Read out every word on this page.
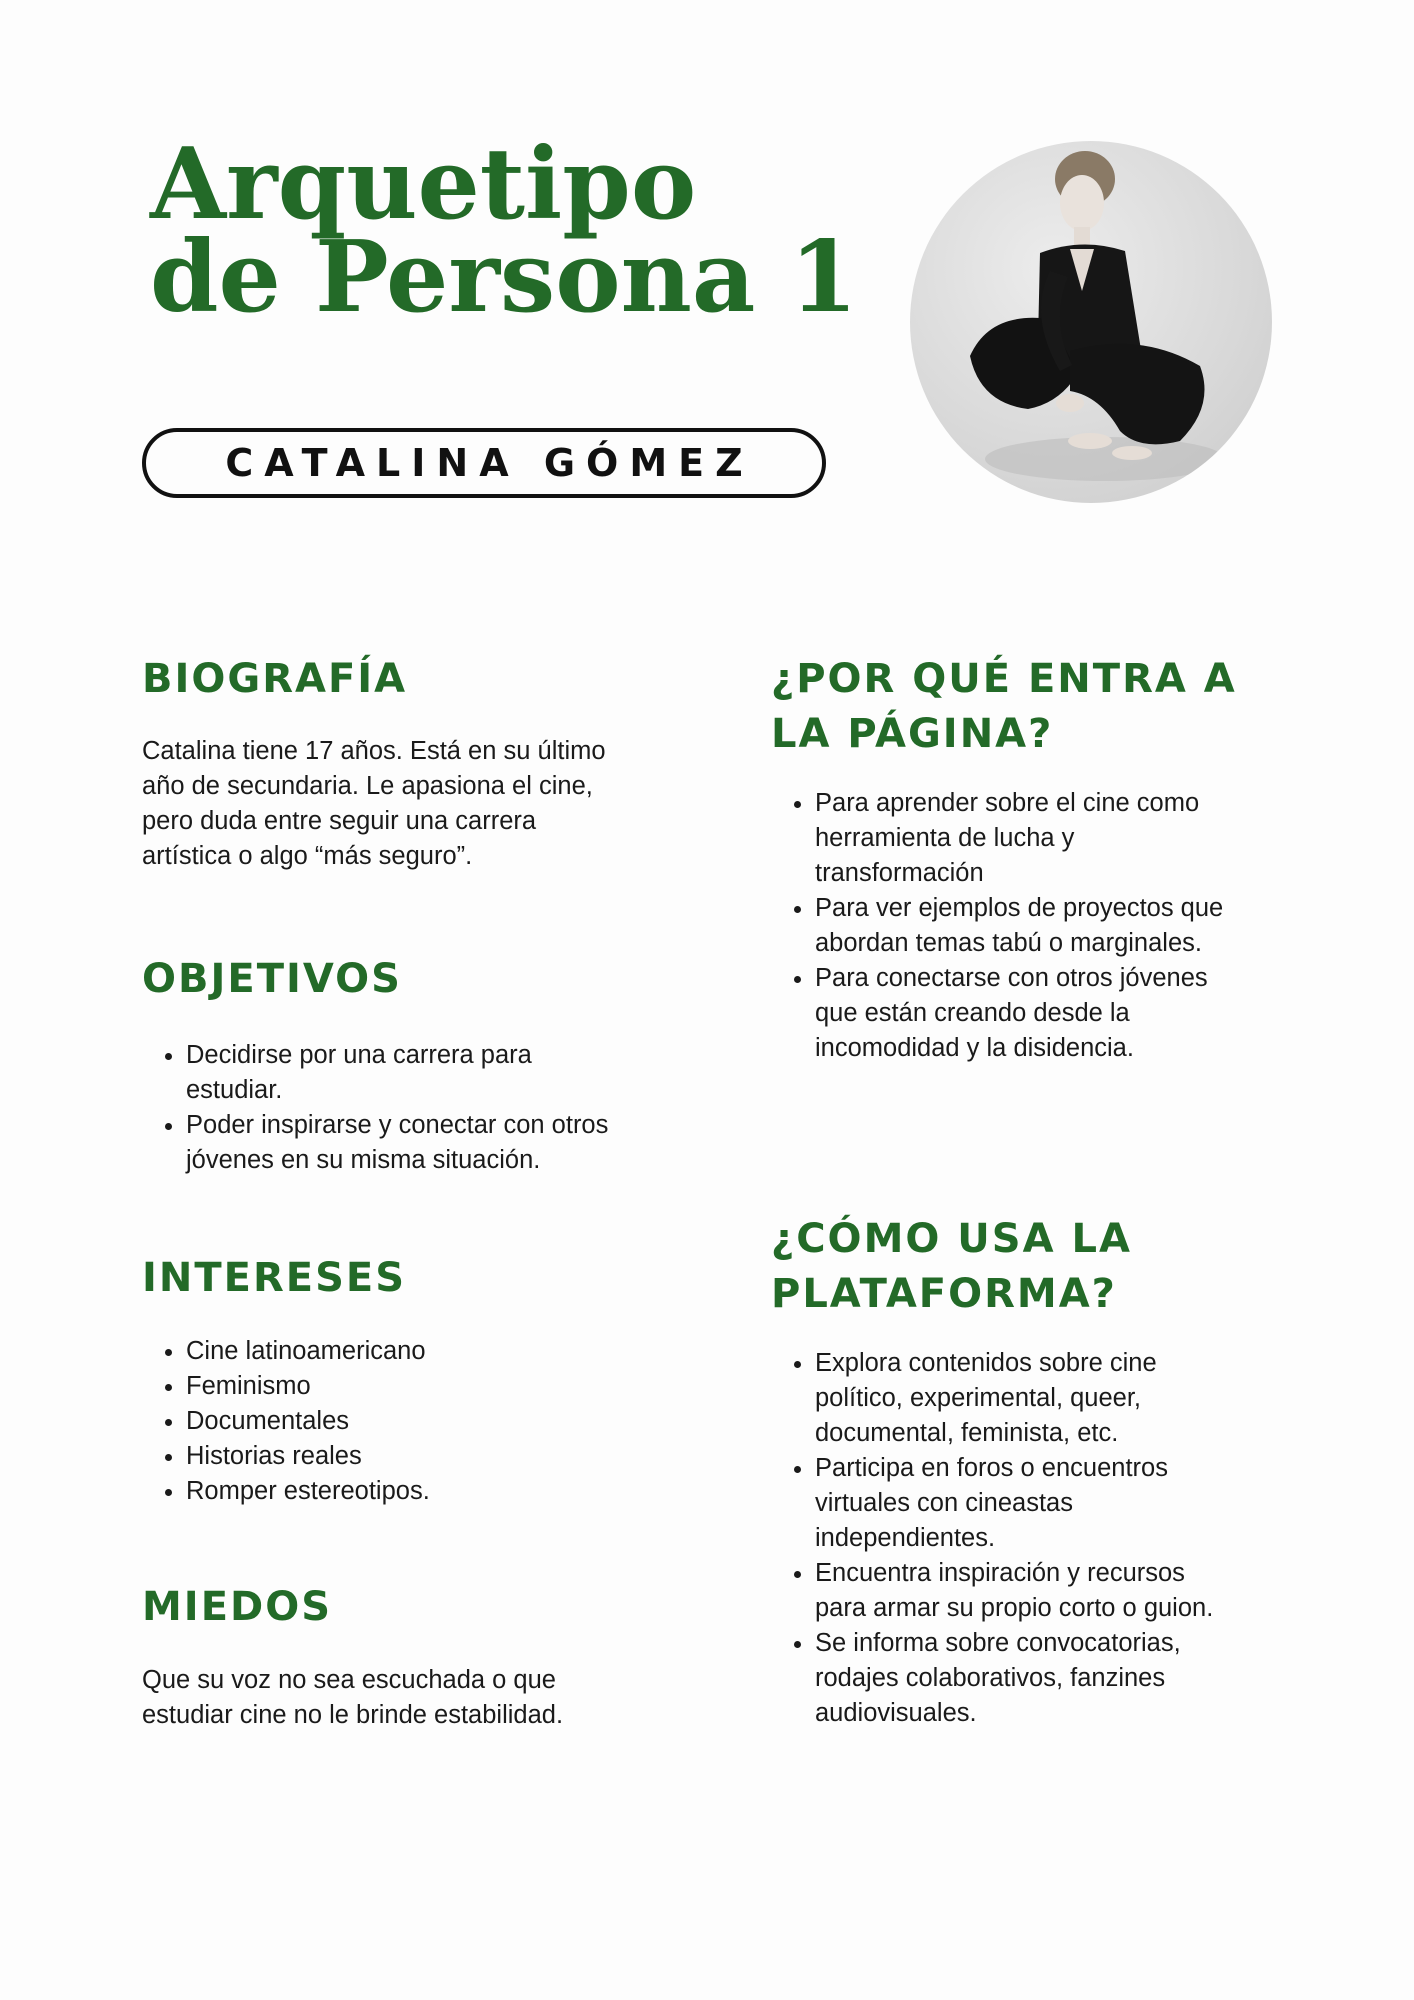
Arquetipo
de Persona 1
CATALINA GÓMEZ
BIOGRAFÍA

Catalina tiene 17 años. Está en su último año de secundaria. Le apasiona el cine, pero duda entre seguir una carrera artística o algo “más seguro”.

OBJETIVOS
• Decidirse por una carrera para estudiar.
• Poder inspirarse y conectar con otros jóvenes en su misma situación.
INTERESES
• Cine latinoamericano
• Feminismo
• Documentales
• Historias reales
• Romper estereotipos.
MIEDOS

Que su voz no sea escuchada o que estudiar cine no le brinde estabilidad.

¿POR QUÉ ENTRA A LA PÁGINA?
• Para aprender sobre el cine como herramienta de lucha y transformación
• Para ver ejemplos de proyectos que abordan temas tabú o marginales.
• Para conectarse con otros jóvenes que están creando desde la incomodidad y la disidencia.
¿CÓMO USA LA PLATAFORMA?
• Explora contenidos sobre cine político, experimental, queer, documental, feminista, etc.
• Participa en foros o encuentros virtuales con cineastas independientes.
• Encuentra inspiración y recursos para armar su propio corto o guion.
• Se informa sobre convocatorias, rodajes colaborativos, fanzines audiovisuales.
